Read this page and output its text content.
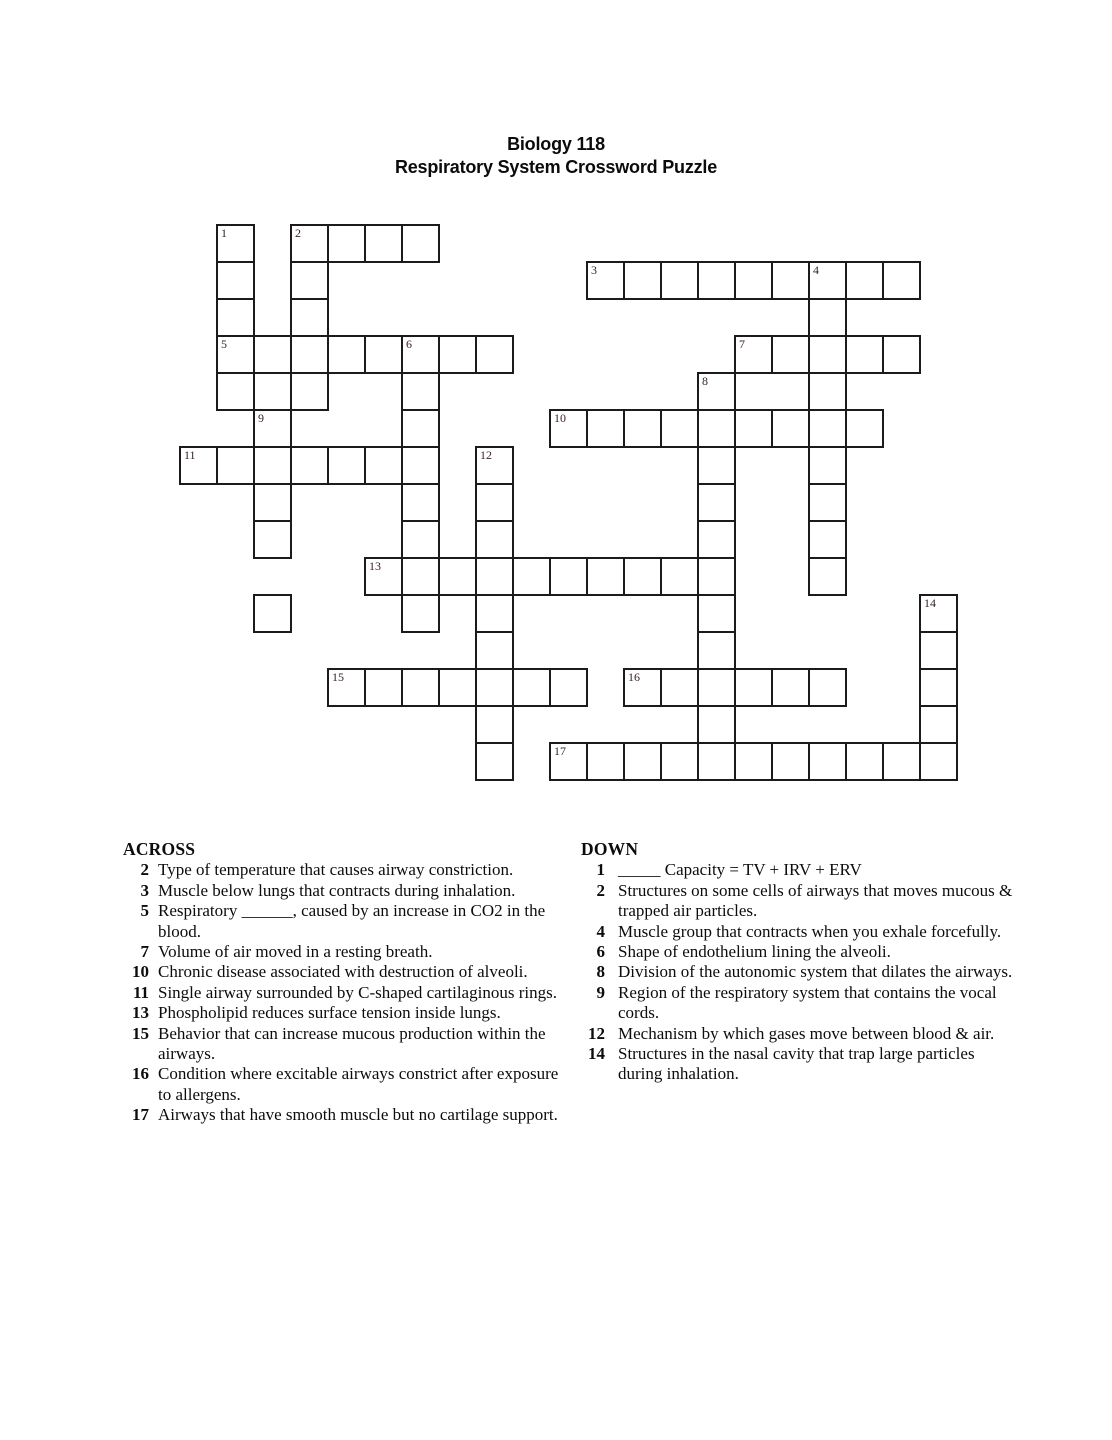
Biology 118
Respiratory System Crossword Puzzle
1	2
3	4
5	6	7
8
9	10
11	12
13
14
15	16
17
ACROSS
2 Type of temperature that causes airway constriction.
3 Muscle below lungs that contracts during inhalation.
5 Respiratory ______, caused by an increase in CO2 in the blood.
7 Volume of air moved in a resting breath.
10 Chronic disease associated with destruction of alveoli.
11 Single airway surrounded by C-shaped cartilaginous rings.
13 Phospholipid reduces surface tension inside lungs.
15 Behavior that can increase mucous production within the airways.
16 Condition where excitable airways constrict after exposure to allergens.
17 Airways that have smooth muscle but no cartilage support.
DOWN
1 _____ Capacity = TV + IRV + ERV
2 Structures on some cells of airways that moves mucous & trapped air particles.
4 Muscle group that contracts when you exhale forcefully.
6 Shape of endothelium lining the alveoli.
8 Division of the autonomic system that dilates the airways.
9 Region of the respiratory system that contains the vocal cords.
12 Mechanism by which gases move between blood & air.
14 Structures in the nasal cavity that trap large particles during inhalation.
